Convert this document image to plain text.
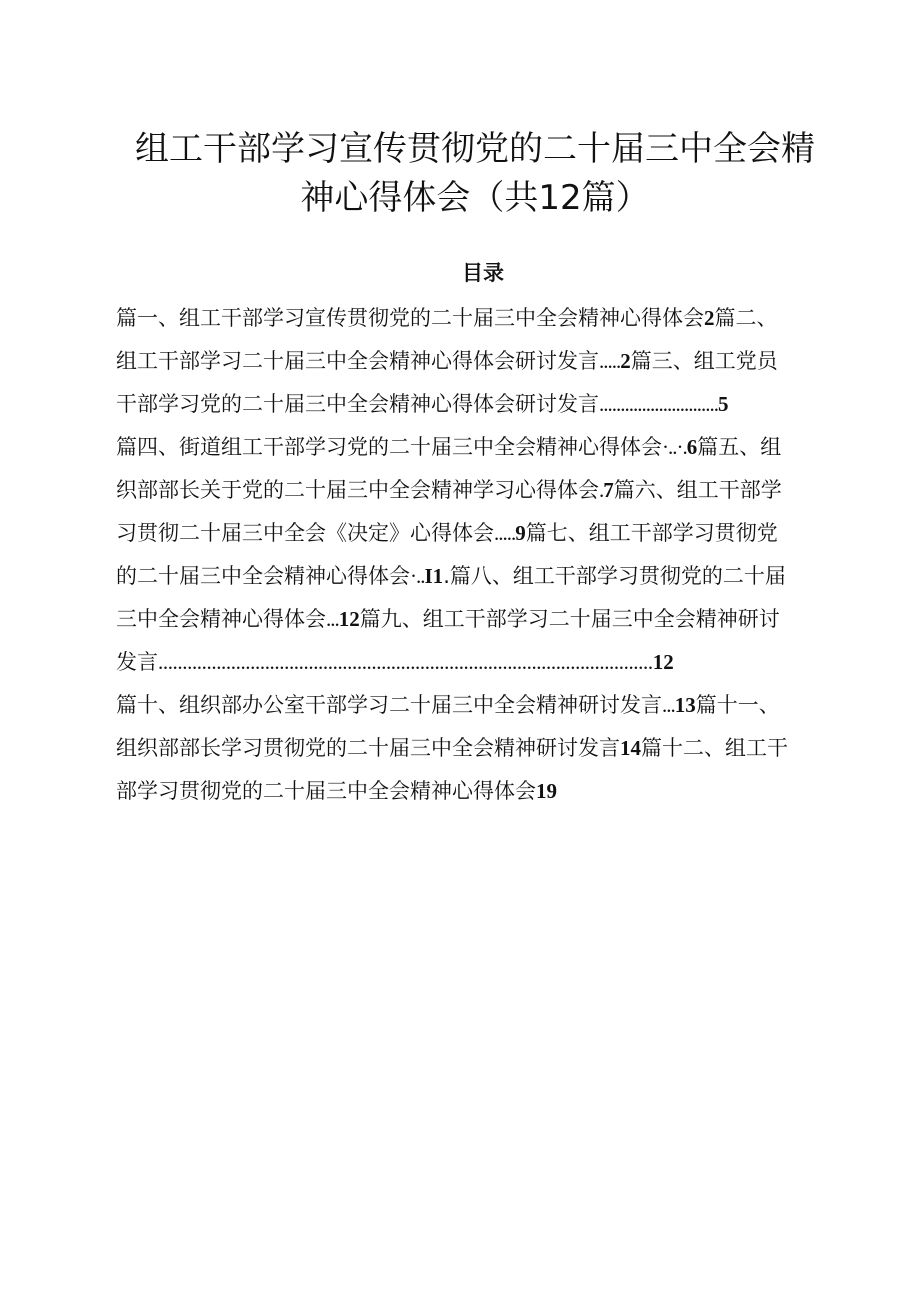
组工干部学习宣传贯彻党的二十届三中全会精
神心得体会（共12篇）
目录
篇一、组工干部学习宣传贯彻党的二十届三中全会精神心得体会2篇二、
组工干部学习二十届三中全会精神心得体会研讨发言.....2篇三、组工党员
干部学习党的二十届三中全会精神心得体会研讨发言............................5
篇四、街道组工干部学习党的二十届三中全会精神心得体会·..·.6篇五、组
织部部长关于党的二十届三中全会精神学习心得体会.7篇六、组工干部学
习贯彻二十届三中全会《决定》心得体会.....9篇七、组工干部学习贯彻党
的二十届三中全会精神心得体会·..I1.篇八、组工干部学习贯彻党的二十届
三中全会精神心得体会...12篇九、组工干部学习二十届三中全会精神研讨
发言......................................................................................................12
篇十、组织部办公室干部学习二十届三中全会精神研讨发言...13篇十一、
组织部部长学习贯彻党的二十届三中全会精神研讨发言14篇十二、组工干
部学习贯彻党的二十届三中全会精神心得体会19
